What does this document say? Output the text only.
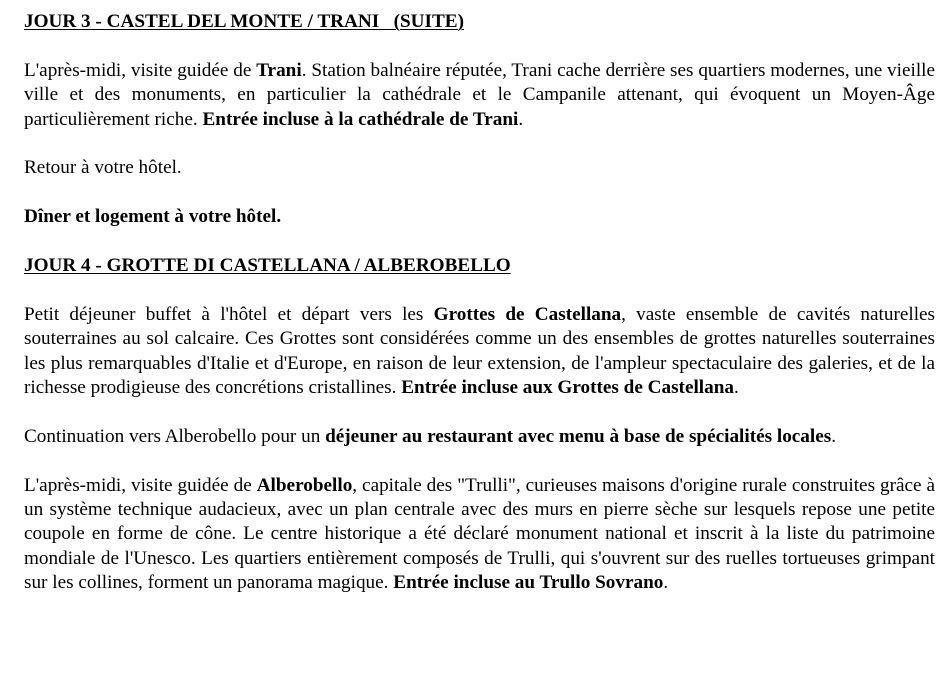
JOUR 3 - CASTEL DEL MONTE / TRANI   (SUITE)

L'après-midi, visite guidée de Trani. Station balnéaire réputée, Trani cache derrière ses quartiers modernes, une vieille ville et des monuments, en particulier la cathédrale et le Campanile attenant, qui évoquent un Moyen-Âge particulièrement riche. Entrée incluse à la cathédrale de Trani.

Retour à votre hôtel.

Dîner et logement à votre hôtel.

JOUR 4 - GROTTE DI CASTELLANA / ALBEROBELLO

Petit déjeuner buffet à l'hôtel et départ vers les Grottes de Castellana, vaste ensemble de cavités naturelles souterraines au sol calcaire. Ces Grottes sont considérées comme un des ensembles de grottes naturelles souterraines les plus remarquables d'Italie et d'Europe, en raison de leur extension, de l'ampleur spectaculaire des galeries, et de la richesse prodigieuse des concrétions cristallines. Entrée incluse aux Grottes de Castellana.

Continuation vers Alberobello pour un déjeuner au restaurant avec menu à base de spécialités locales.

L'après-midi, visite guidée de Alberobello, capitale des "Trulli", curieuses maisons d'origine rurale construites grâce à un système technique audacieux, avec un plan centrale avec des murs en pierre sèche sur lesquels repose une petite coupole en forme de cône. Le centre historique a été déclaré monument national et inscrit à la liste du patrimoine mondiale de l'Unesco. Les quartiers entièrement composés de Trulli, qui s'ouvrent sur des ruelles tortueuses grimpant sur les collines, forment un panorama magique. Entrée incluse au Trullo Sovrano.
